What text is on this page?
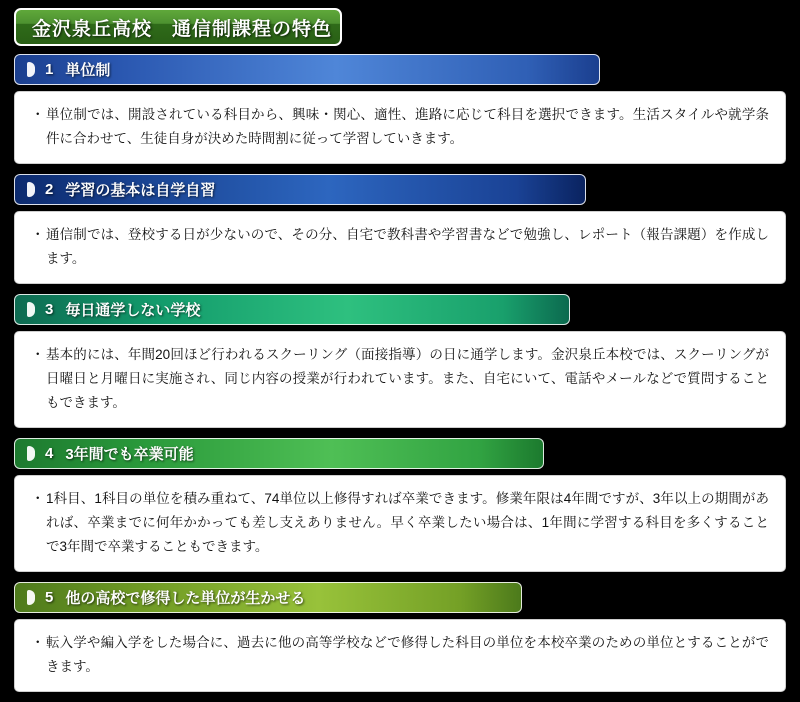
金沢泉丘高校　通信制課程の特色
1 単位制
・ 単位制では、開設されている科目から、興味・関心、適性、進路に応じて科目を選択できます。生活スタイルや就学条件に合わせて、生徒自身が決めた時間割に従って学習していきます。
2 学習の基本は自学自習
・ 通信制では、登校する日が少ないので、その分、自宅で教科書や学習書などで勉強し、レポート（報告課題）を作成します。
3 毎日通学しない学校
・ 基本的には、年間20回ほど行われるスクーリング（面接指導）の日に通学します。金沢泉丘本校では、スクーリングが日曜日と月曜日に実施され、同じ内容の授業が行われています。また、自宅にいて、電話やメールなどで質問することもできます。
4 3年間でも卒業可能
・ 1科目、1科目の単位を積み重ねて、74単位以上修得すれば卒業できます。修業年限は4年間ですが、3年以上の期間があれば、卒業までに何年かかっても差し支えありません。早く卒業したい場合は、1年間に学習する科目を多くすることで3年間で卒業することもできます。
5 他の高校で修得した単位が生かせる
・ 転入学や編入学をした場合に、過去に他の高等学校などで修得した科目の単位を本校卒業のための単位とすることができます。
